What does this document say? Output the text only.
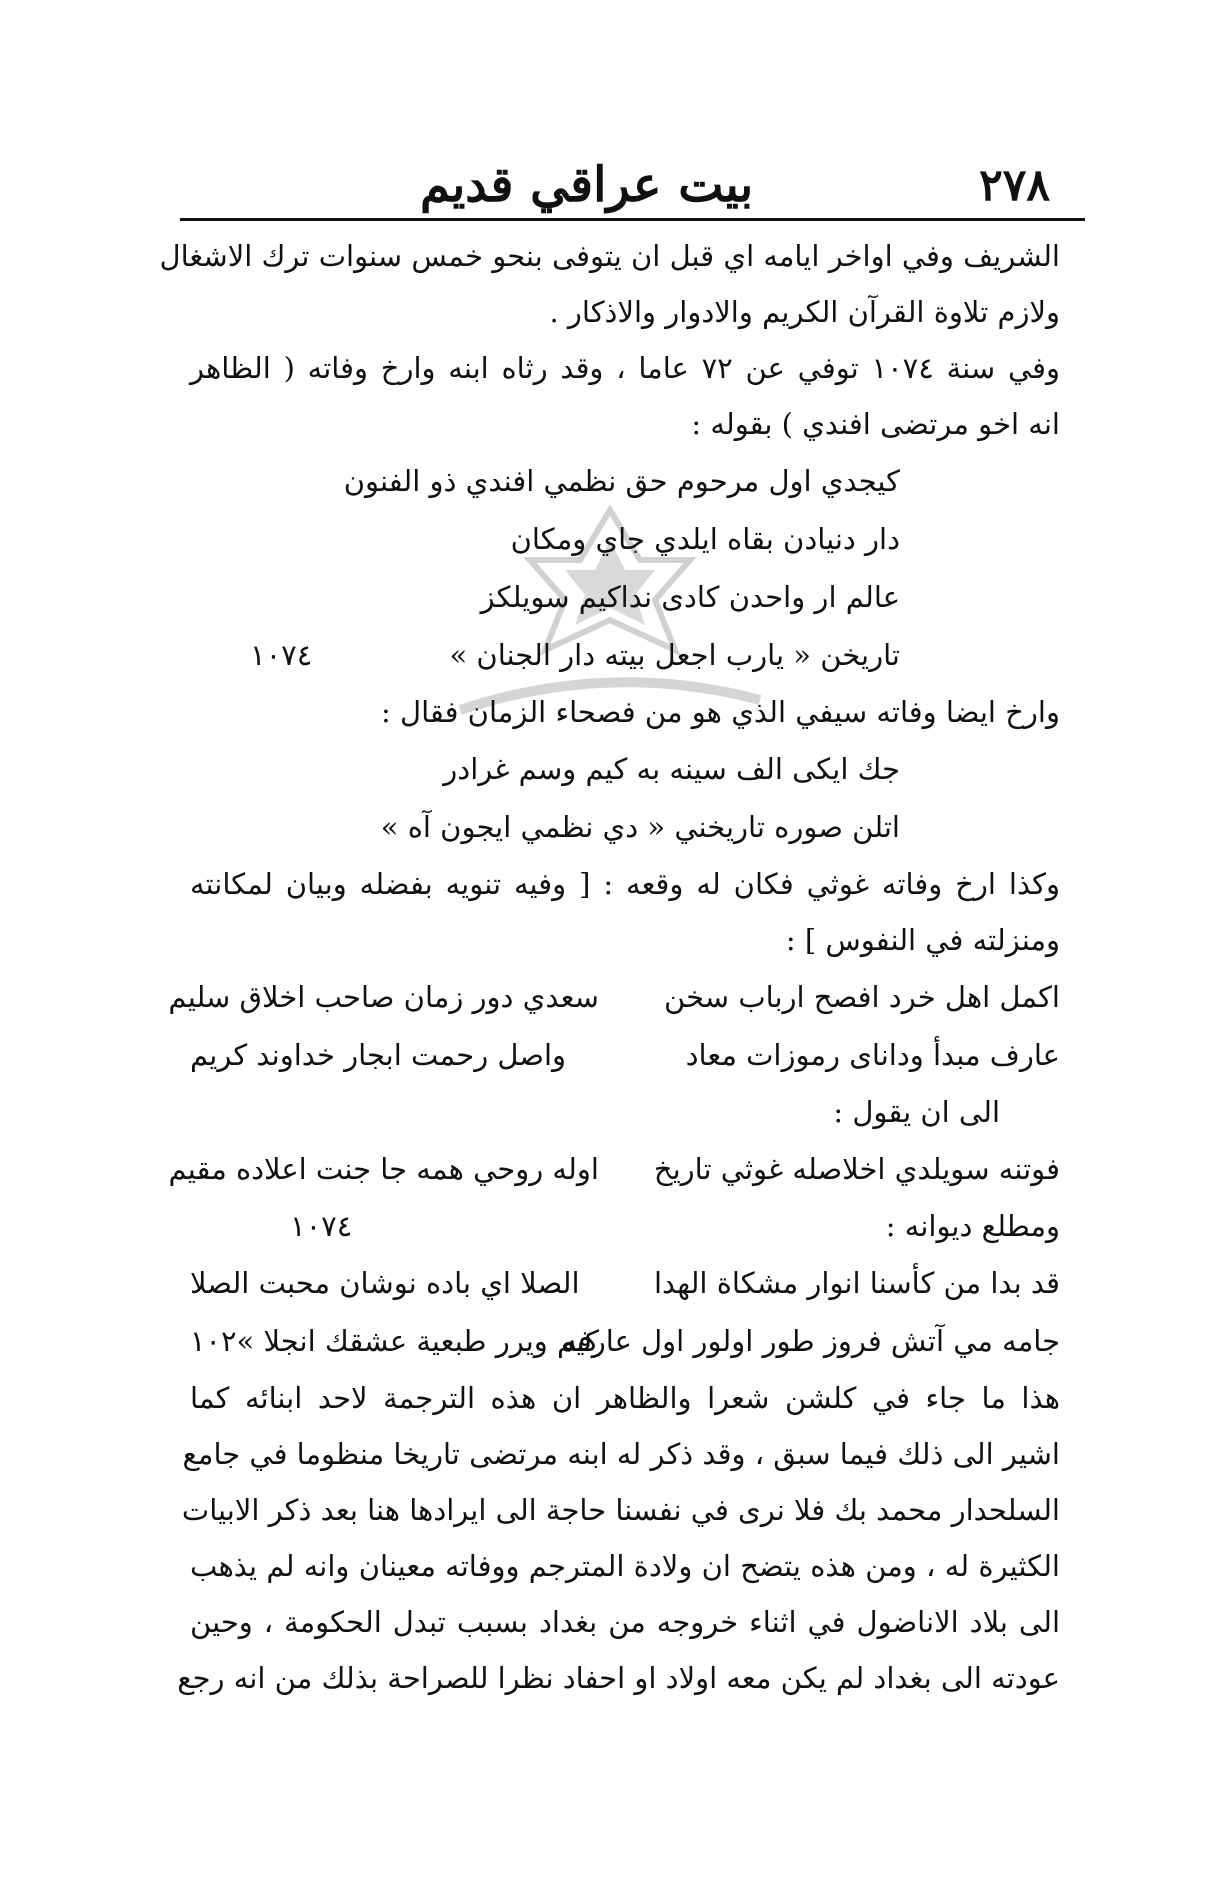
٢٧٨
بيت عراقي قديم
الشريف وفي اواخر ايامه اي قبل ان يتوفى بنحو خمس سنوات ترك الاشغال
ولازم تلاوة القرآن الكريم والادوار والاذكار .
وفي سنة ١٠٧٤ توفي عن ٧٢ عاما ، وقد رثاه ابنه وارخ وفاته ( الظاهر
انه اخو مرتضى افندي ) بقوله :
كيجدي اول مرحوم حق نظمي افندي ذو الفنون
دار دنيادن بقاه ايلدي جاي ومكان
عالم ار واحدن كادى نداكيم سويلكز
تاريخن « يارب اجعل بيته دار الجنان »
١٠٧٤
وارخ ايضا وفاته سيفي الذي هو من فصحاء الزمان فقال :
جك ايكى الف سينه به كيم وسم غرادر
اتلن صوره تاريخني « دي نظمي ايجون آه »
وكذا ارخ وفاته غوثي فكان له وقعه : [ وفيه تنويه بفضله وبيان لمكانته
ومنزلته في النفوس ] :
اكمل اهل خرد افصح ارباب سخن
سعدي دور زمان صاحب اخلاق سليم
عارف مبدأ وداناى رموزات معاد
واصل رحمت ابجار خداوند كريم
الى ان يقول :
فوتنه سويلدي اخلاصله غوثي تاريخ
اوله روحي همه جا جنت اعلاده مقيم
ومطلع ديوانه :
١٠٧٤
قد بدا من كأسنا انوار مشكاة الهدا
الصلا اي باده نوشان محبت الصلا
جامه مي آتش فروز طور اولور اول عارفه
كيم ويرر طبعية عشقك انجلا »١٠٢
هذا ما جاء في كلشن شعرا والظاهر ان هذه الترجمة لاحد ابنائه كما
اشير الى ذلك فيما سبق ، وقد ذكر له ابنه مرتضى تاريخا منظوما في جامع
السلحدار محمد بك فلا نرى في نفسنا حاجة الى ايرادها هنا بعد ذكر الابيات
الكثيرة له ، ومن هذه يتضح ان ولادة المترجم ووفاته معينان وانه لم يذهب
الى بلاد الاناضول في اثناء خروجه من بغداد بسبب تبدل الحكومة ، وحين
عودته الى بغداد لم يكن معه اولاد او احفاد نظرا للصراحة بذلك من انه رجع
